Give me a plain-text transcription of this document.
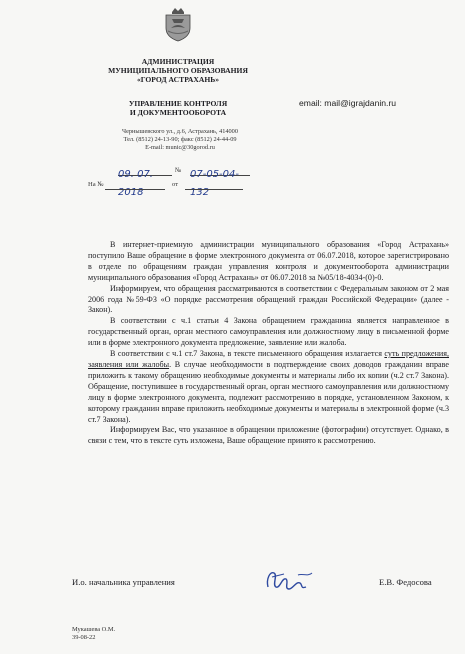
АДМИНИСТРАЦИЯ
МУНИЦИПАЛЬНОГО ОБРАЗОВАНИЯ
«ГОРОД АСТРАХАНЬ»
УПРАВЛЕНИЕ КОНТРОЛЯ
И ДОКУМЕНТООБОРОТА
email: mail@igrajdanin.ru
Чернышевского ул., д.6, Астрахань, 414000
Тел. (8512) 24-13-90; факс (8512) 24-44-09
E-mail: munic@30gorod.ru
09. 07. 2018
№ 07-05-04-132
На №	от

В интернет-приемную администрации муниципального образования «Город Астрахань» поступило Ваше обращение в форме электронного документа от 06.07.2018, которое зарегистрировано в отделе по обращениям граждан управления контроля и документооборота администрации муниципального образования «Город Астрахань» от 06.07.2018 за №05/18-4034-(0)-0.

Информируем, что обращения рассматриваются в соответствии с Федеральным законом от 2 мая 2006 года №59-ФЗ «О порядке рассмотрения обращений граждан Российской Федерации» (далее - Закон).

В соответствии с ч.1 статьи 4 Закона обращением гражданина является направленное в государственный орган, орган местного самоуправления или должностному лицу в письменной форме или в форме электронного документа предложение, заявление или жалоба.

В соответствии с ч.1 ст.7 Закона, в тексте письменного обращения излагается суть предложения, заявления или жалобы. В случае необходимости в подтверждение своих доводов гражданин вправе приложить к такому обращению необходимые документы и материалы либо их копии (ч.2 ст.7 Закона). Обращение, поступившее в государственный орган, орган местного самоуправления или должностному лицу в форме электронного документа, подлежит рассмотрению в порядке, установленном Законом, к которому гражданин вправе приложить необходимые документы и материалы в электронной форме (ч.3 ст.7 Закона).

Информируем Вас, что указанное в обращении приложение (фотографии) отсутствует. Однако, в связи с тем, что в тексте суть изложена, Ваше обращение принято к рассмотрению.

И.о. начальника управления	Е.В. Федосова
Мукашева О.М.
39-08-22
